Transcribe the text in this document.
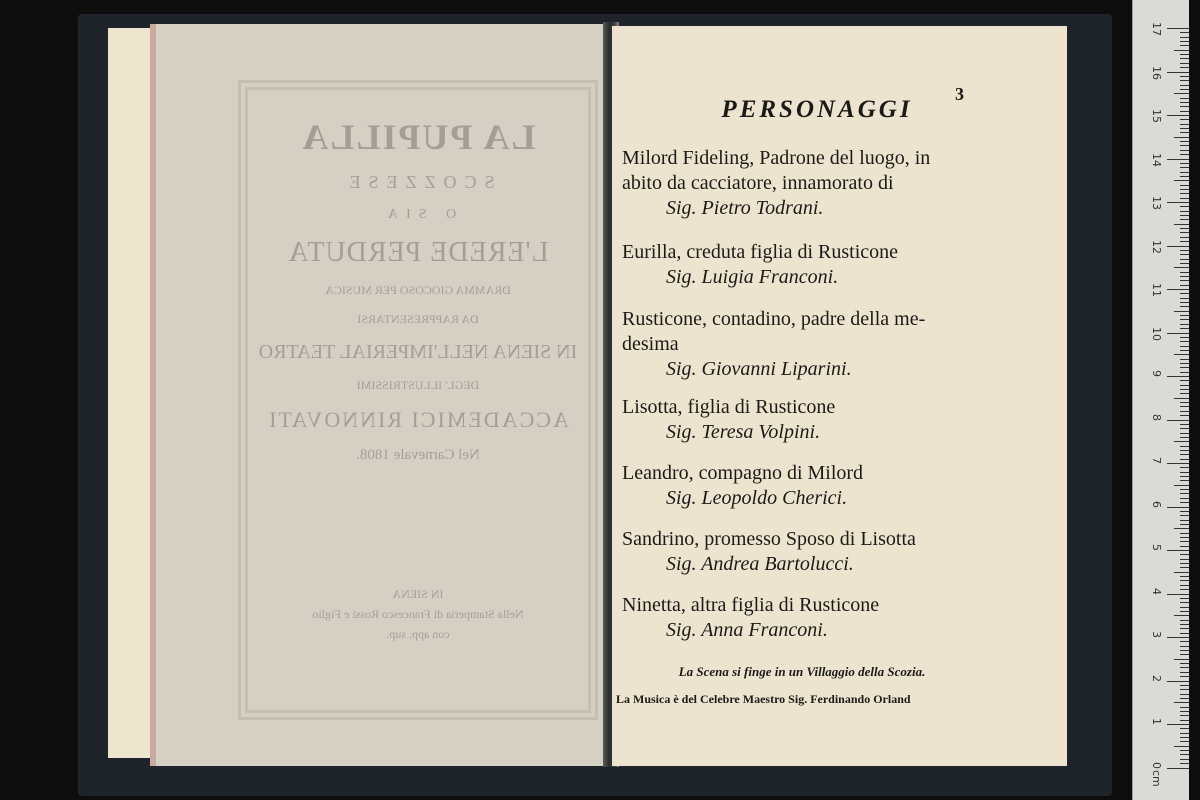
LA PUPILLA
SCOZZESE
O SIA
L'EREDE PERDUTA
DRAMMA GIOCOSO PER MUSICA
DA RAPPRESENTARSI
IN SIENA NELL'IMPERIAL TEATRO
DEGL' ILLUSTRISSIMI
ACCADEMICI RINNOVATI
Nel Carnevale 1808.
IN SIENA
Nella Stamperia di Francesco Rossi e Figlio
con app. sup.
3
PERSONAGGI
Milord Fideling, Padrone del luogo, in
abito da cacciatore, innamorato di
Sig. Pietro Todrani.
Eurilla, creduta figlia di Rusticone
Sig. Luigia Franconi.
Rusticone, contadino, padre della me-
desima
Sig. Giovanni Liparini.
Lisotta, figlia di Rusticone
Sig. Teresa Volpini.
Leandro, compagno di Milord
Sig. Leopoldo Cherici.
Sandrino, promesso Sposo di Lisotta
Sig. Andrea Bartolucci.
Ninetta, altra figlia di Rusticone
Sig. Anna Franconi.
La Scena si finge in un Villaggio della Scozia.
La Musica è del Celebre Maestro Sig. Ferdinando Orland
17
16
15
14
13
12
11
10
9
8
7
6
5
4
3
2
1
0
cm
